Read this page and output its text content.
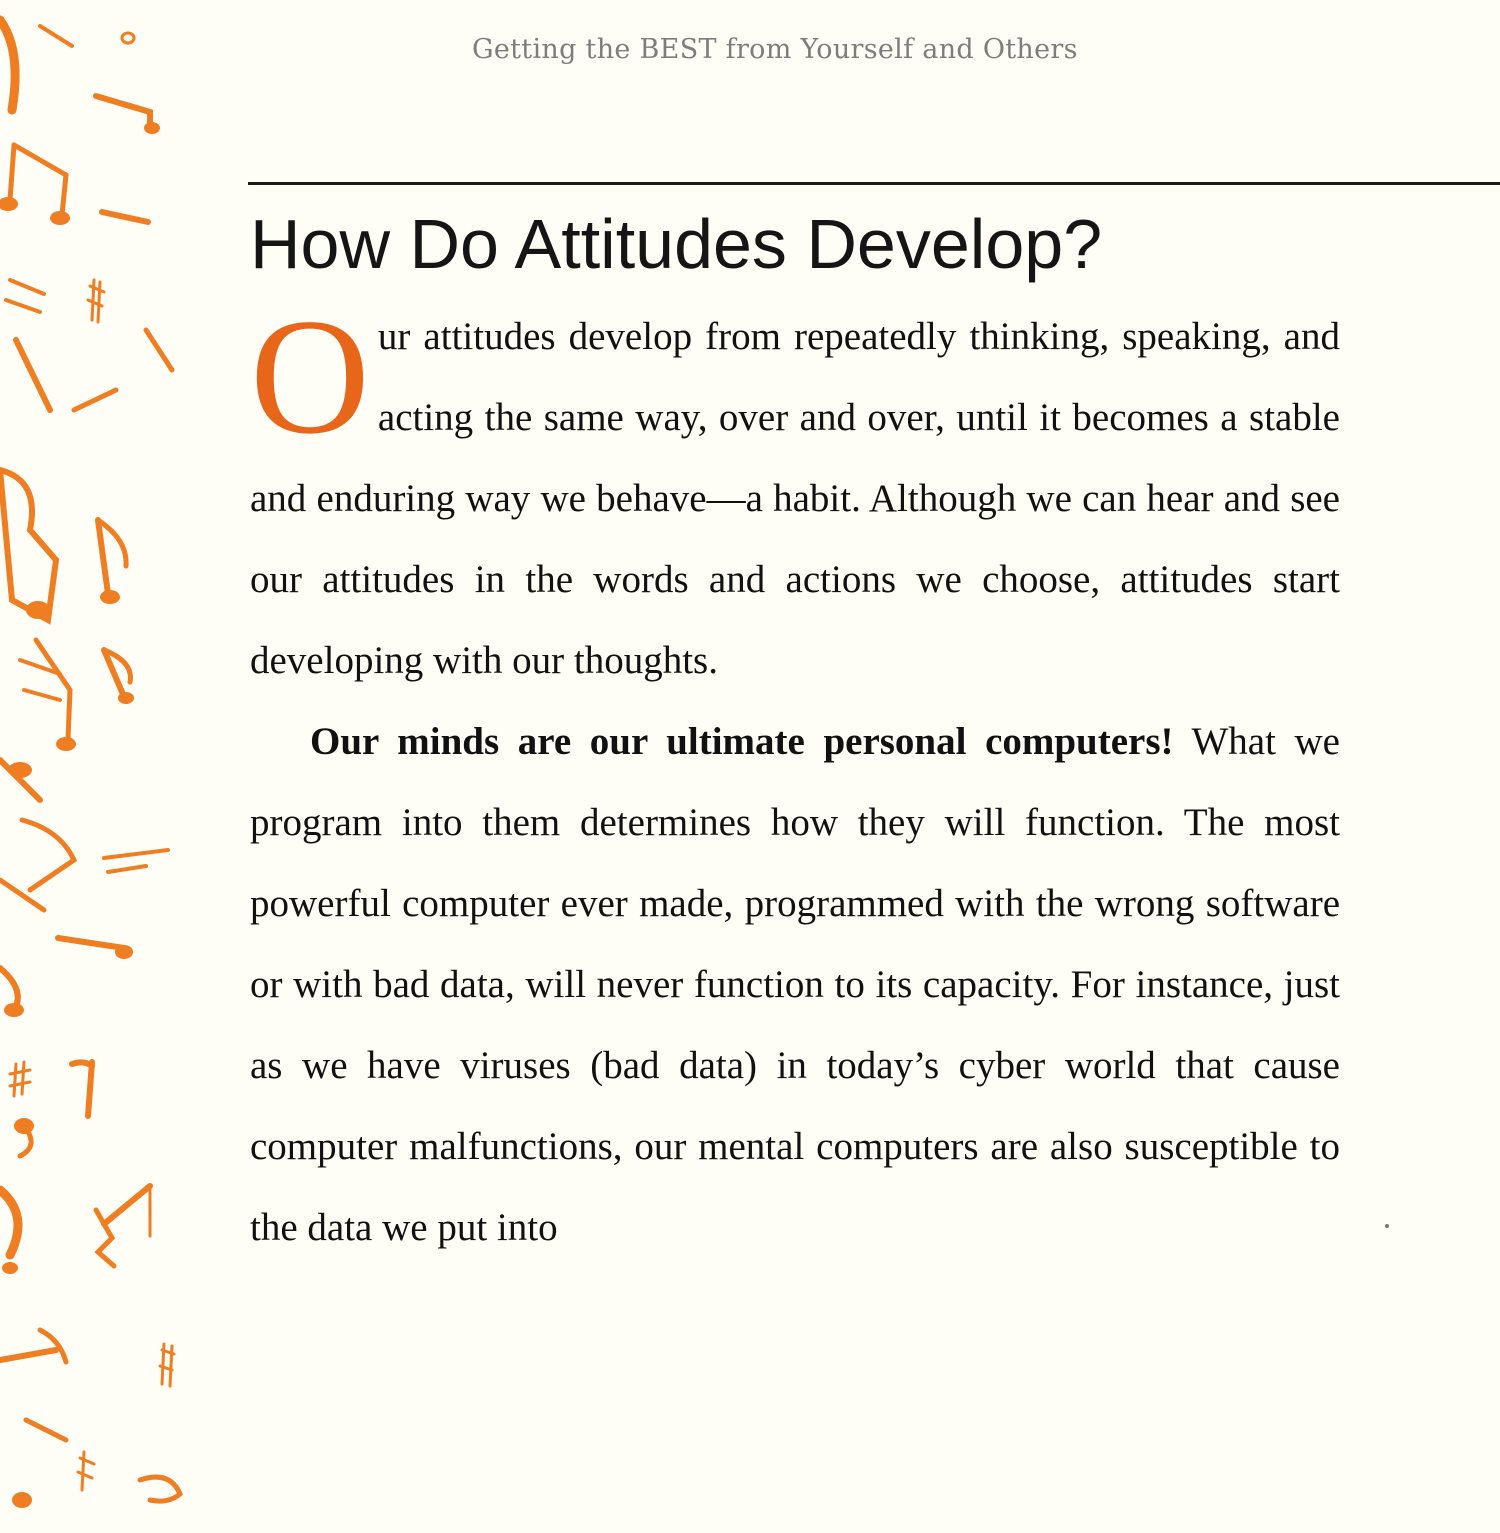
Getting the BEST from Yourself and Others
How Do Attitudes Develop?

Our attitudes develop from repeatedly thinking, speaking, and acting the same way, over and over, until it becomes a stable and enduring way we behave—a habit. Although we can hear and see our attitudes in the words and actions we choose, attitudes start developing with our thoughts.

Our minds are our ultimate personal computers! What we program into them determines how they will function. The most powerful computer ever made, programmed with the wrong software or with bad data, will never function to its capacity. For instance, just as we have viruses (bad data) in today’s cyber world that cause computer malfunctions, our mental computers are also susceptible to the data we put into
